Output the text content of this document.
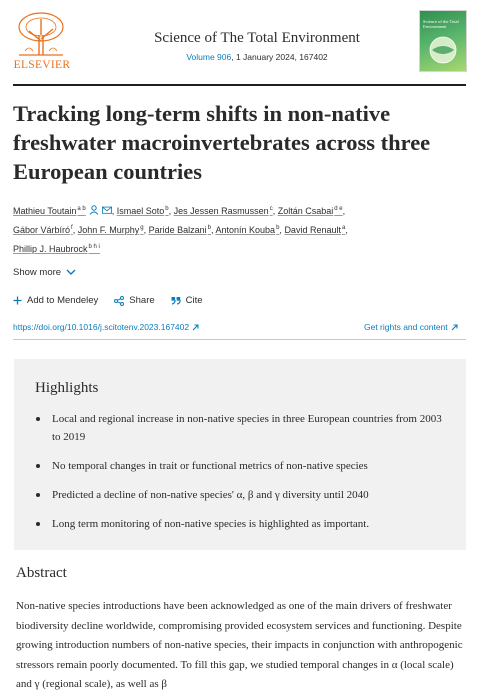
ELSEVIER
Science of The Total Environment
Volume 906, 1 January 2024, 167402
Science of the Total Environment
Tracking long-term shifts in non-native freshwater macroinvertebrates across three European countries
Mathieu Toutain$^{a b}$	, Ismael Soto$^b$, Jes Jessen Rasmussen$^c$, Zoltán Csabai$^{d e}$,
Gábor Várbíró$^f$, John F. Murphy$^g$, Paride Balzani$^b$, Antonín Kouba$^b$, David Renault$^a$,
Phillip J. Haubrock$^{b h i}$
Show more
Add to Mendeley	Share	Cite
https://doi.org/10.1016/j.scitotenv.2023.167402	Get rights and content
Highlights
Local and regional increase in non-native species in three European countries from 2003 to 2019
No temporal changes in trait or functional metrics of non-native species
Predicted a decline of non-native species' α, β and γ diversity until 2040
Long term monitoring of non-native species is highlighted as important.
Abstract
Non-native species introductions have been acknowledged as one of the main drivers of freshwater biodiversity decline worldwide, compromising provided ecosystem services and functioning. Despite growing introduction numbers of non-native species, their impacts in conjunction with anthropogenic stressors remain poorly documented. To fill this gap, we studied temporal changes in α (local scale) and γ (regional scale), as well as β
